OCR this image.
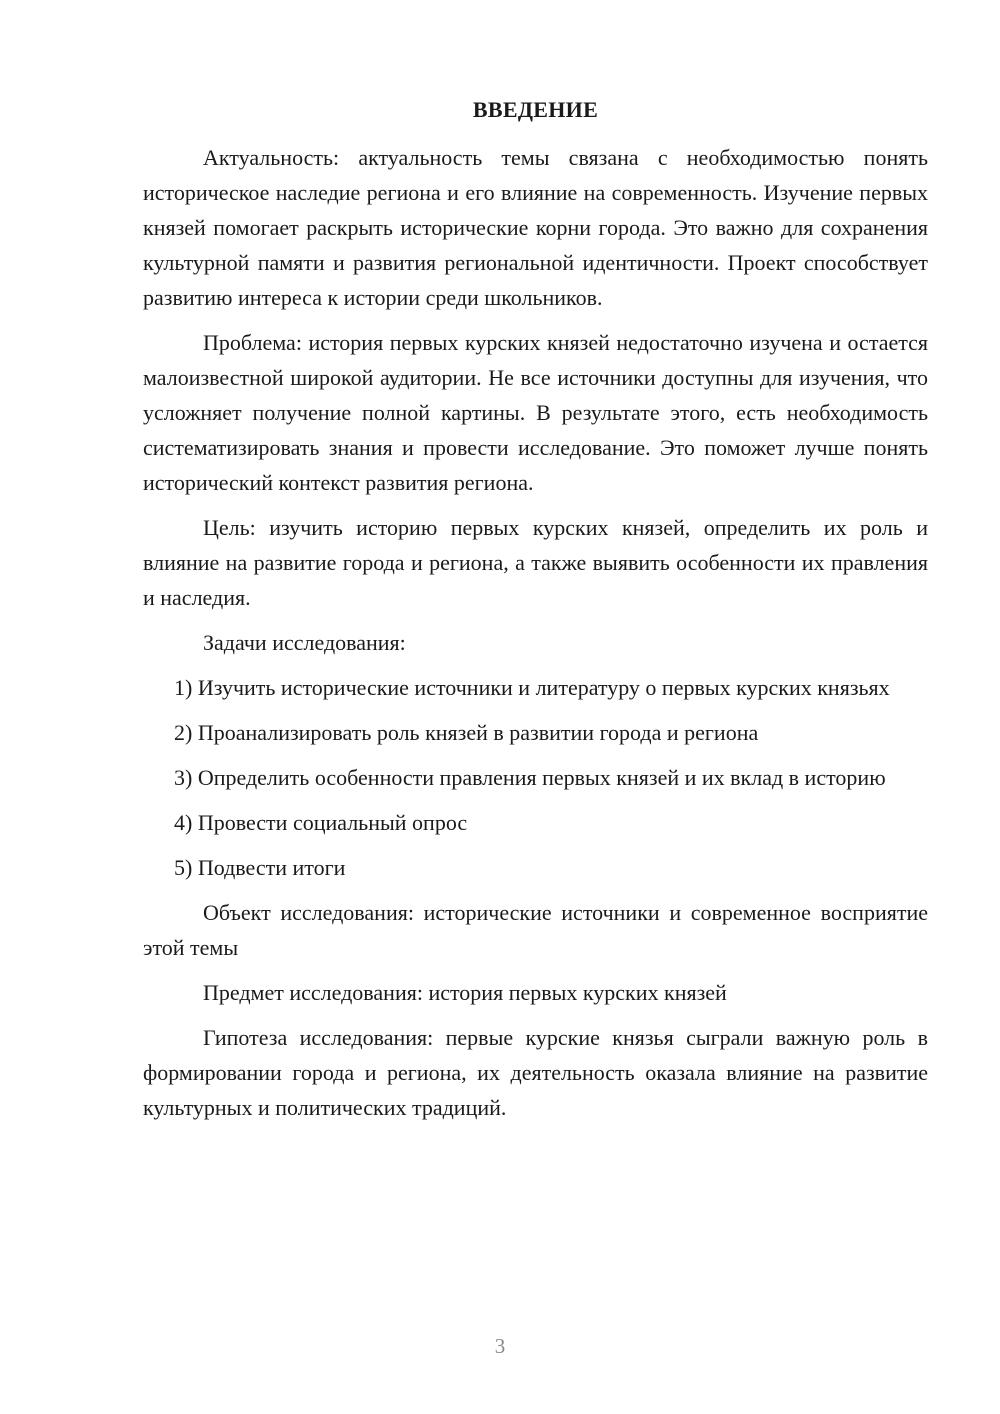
ВВЕДЕНИЕ

Актуальность: актуальность темы связана с необходимостью понять историческое наследие региона и его влияние на современность. Изучение первых князей помогает раскрыть исторические корни города. Это важно для сохранения культурной памяти и развития региональной идентичности. Проект способствует развитию интереса к истории среди школьников.

Проблема: история первых курских князей недостаточно изучена и остается малоизвестной широкой аудитории. Не все источники доступны для изучения, что усложняет получение полной картины. В результате этого, есть необходимость систематизировать знания и провести исследование. Это поможет лучше понять исторический контекст развития региона.

Цель: изучить историю первых курских князей, определить их роль и влияние на развитие города и региона, а также выявить особенности их правления и наследия.

Задачи исследования:

1) Изучить исторические источники и литературу о первых курских князьях

2) Проанализировать роль князей в развитии города и региона

3) Определить особенности правления первых князей и их вклад в историю

4) Провести социальный опрос

5) Подвести итоги

Объект исследования: исторические источники и современное восприятие этой темы

Предмет исследования: история первых курских князей

Гипотеза исследования: первые курские князья сыграли важную роль в формировании города и региона, их деятельность оказала влияние на развитие культурных и политических традиций.

3
